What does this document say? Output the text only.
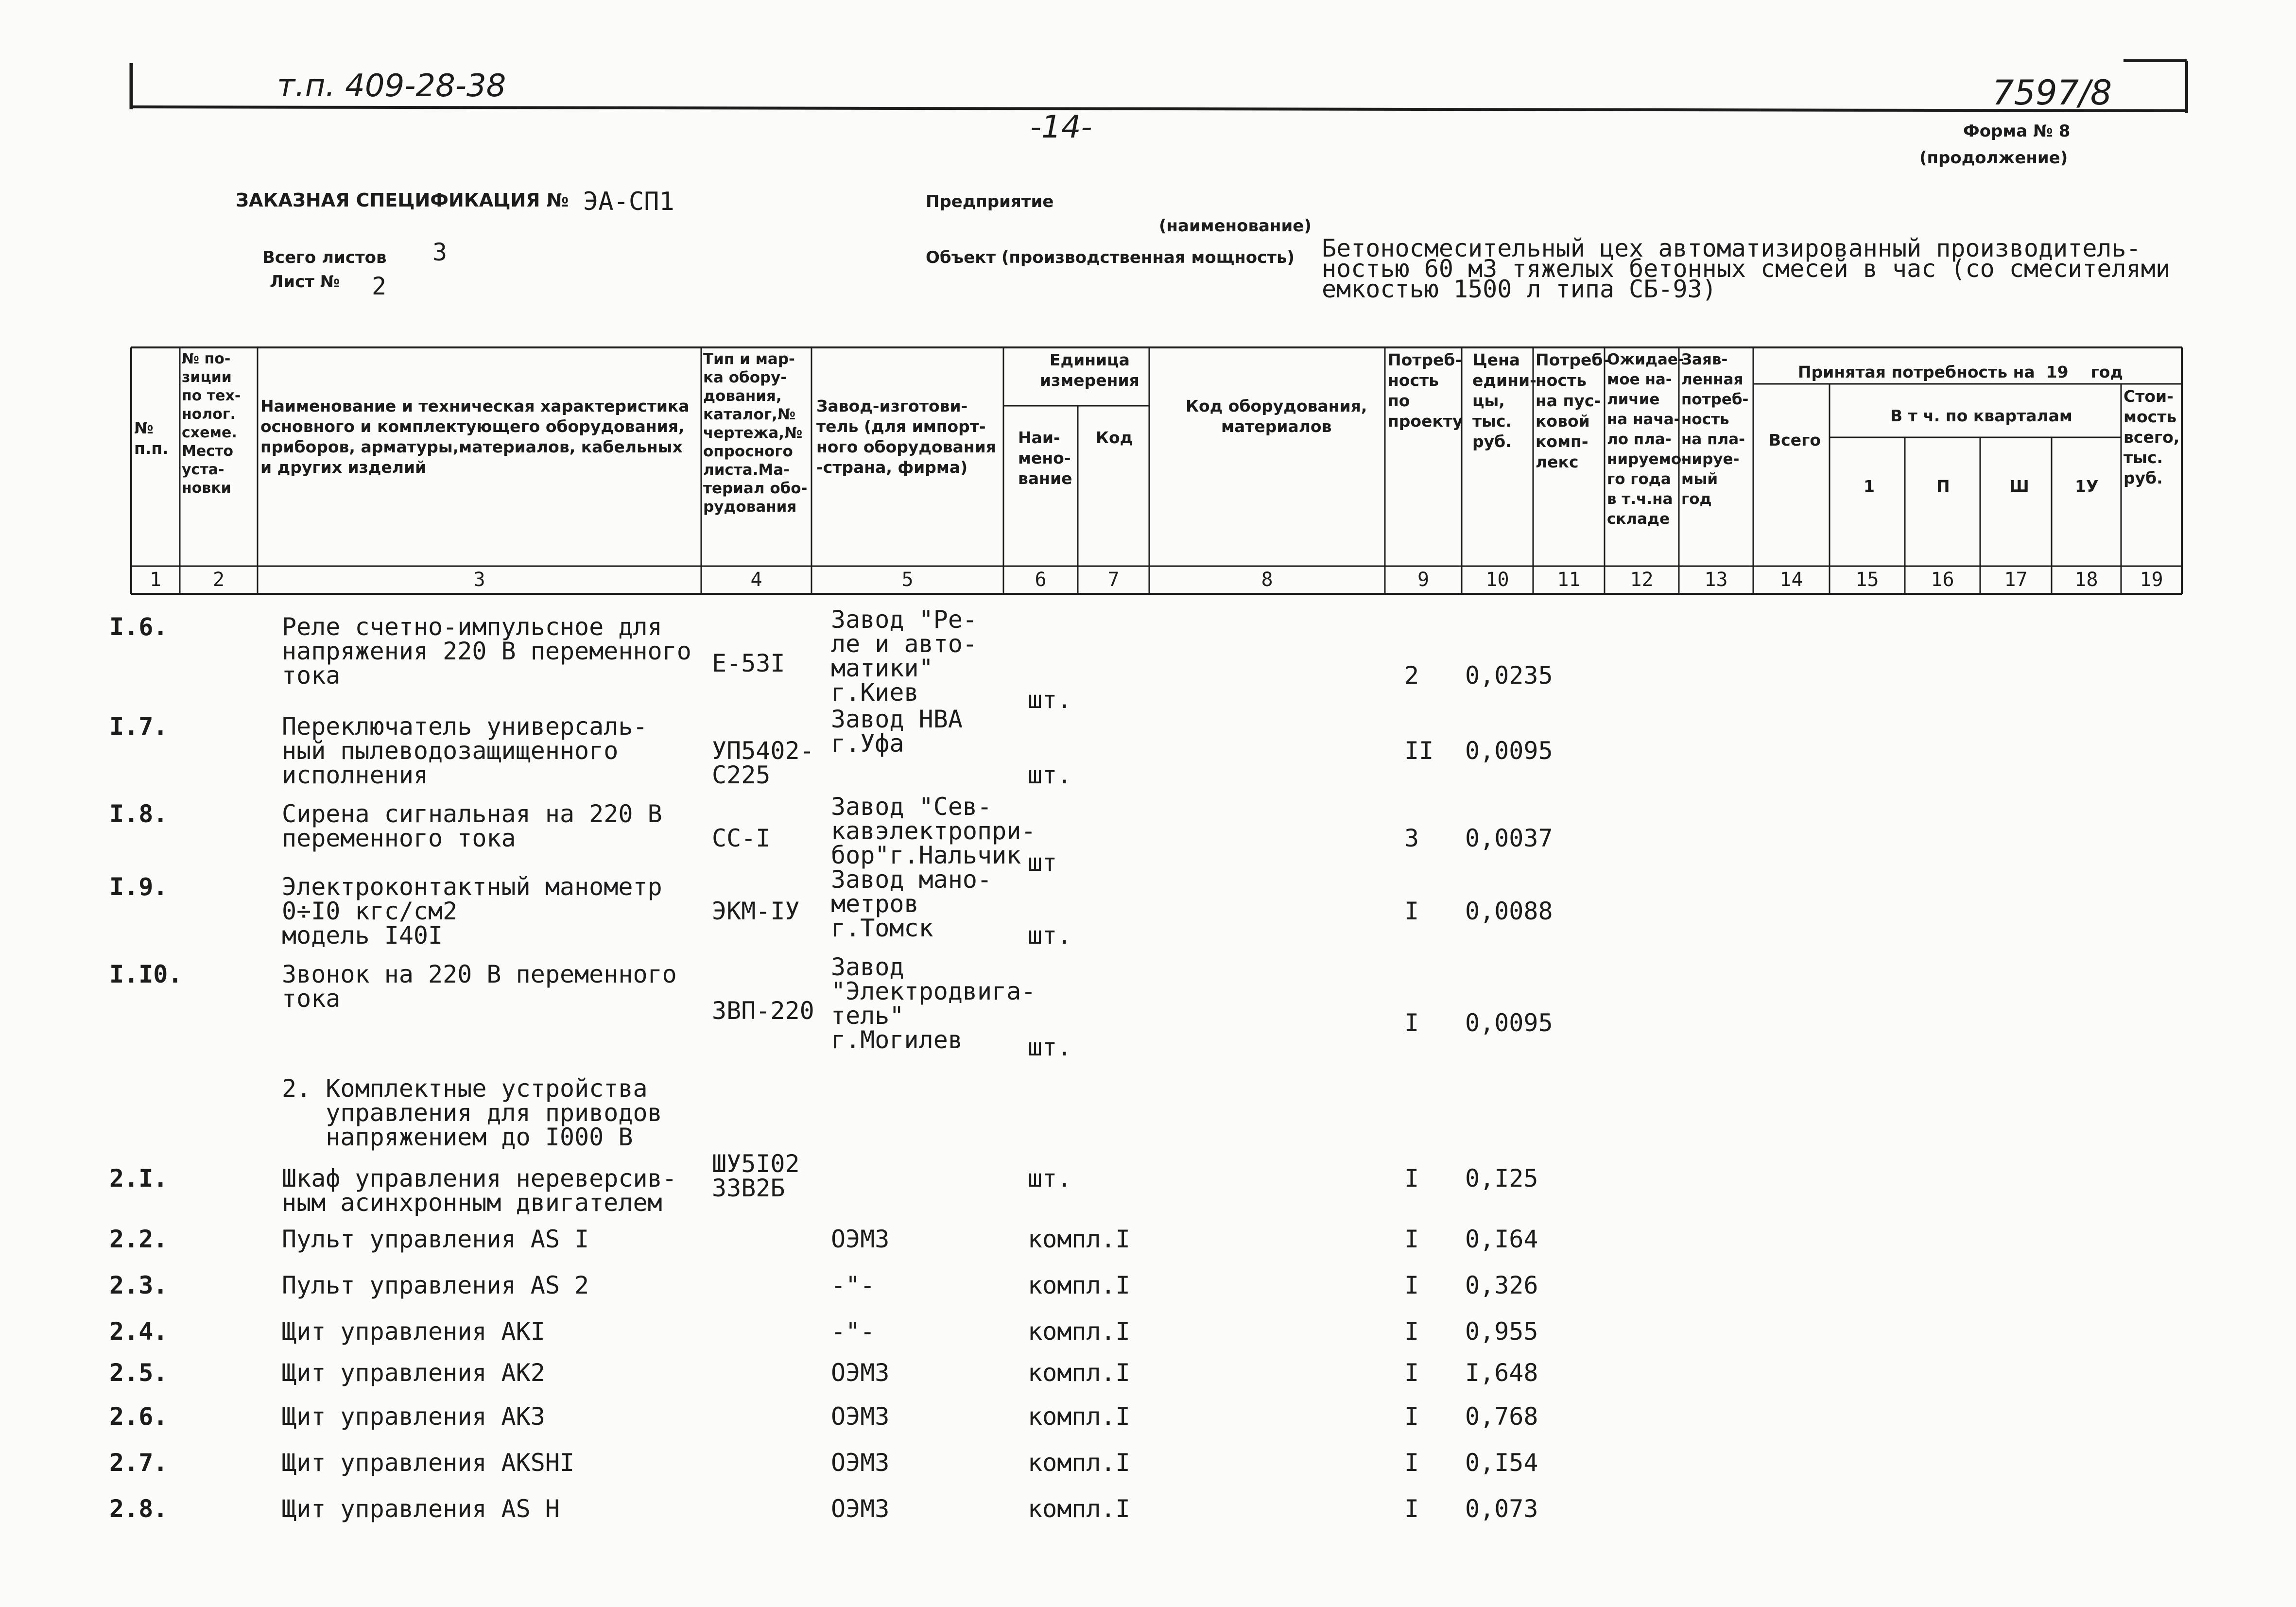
т.п. 409-28-38
-14-
7597/8
Форма № 8
(продолжение)
ЗАКАЗНАЯ СПЕЦИФИКАЦИЯ № ЭА-СП1
Всего листов 3
Лист № 2
Предприятие
(наименование)
Объект (производственная мощность) Бетоносмесительный цех автоматизированный производитель-
ностью 60 м3 тяжелых бетонных смесей в час (со смесителями
емкостью 1500 л типа СБ-93)
№
п.п.
№ по-
зиции
по тех-
нолог.
схеме.
Место
уста-
новки
Наименование и техническая характеристика
основного и комплектующего оборудования,
приборов, арматуры,материалов, кабельных
и других изделий
Тип и мар-
ка обору-
дования,
каталог,№
чертежа,№
опросного
листа.Ма-
териал обо-
рудования
Завод-изготови-
тель (для импорт-
ного оборудования
-страна, фирма)
Единица
измерения
Наи-
мено-
вание
Код
Код оборудования,
материалов
Потреб-
ность
по
проекту
Цена
едини-
цы,
тыс.
руб.
Потреб-
ность
на пус-
ковой
комп-
лекс
Ожидае-
мое на-
личие
на нача-
ло пла-
нируемо-
го года
в т.ч.на
складе
Заяв-
ленная
потреб-
ность
на пла-
нируе-
мый
год
Принятая потребность на  19    год
В т ч. по кварталам
Всего
1	П	Ш	1У
Стои-
мость
всего,
тыс.
руб.
1	2	3	4	5	6	7	8	9	10	11	12	13	14	15	16	17	18	19
I.6.	Реле счетно-импульсное для
напряжения 220 В переменного
тока	Е-53I
Завод "Ре-
ле и авто-
матики"
г.Киев	шт.
2 0,0235
I.7.	Переключатель универсаль-
ный пылеводозащищенного
исполнения
УП5402-
С225
Завод НВА
г.Уфа
шт.
II 0,0095
I.8.	Сирена сигнальная на 220 В
переменного тока	СС-I
Завод "Сев-
кавэлектропри-
бор"г.Нальчик шт
3 0,0037
I.9.	Электроконтактный манометр
0÷I0 кгс/см2
модель I40I
ЭКМ-IУ
Завод мано-
метров
г.Томск	шт.
I 0,0088
I.I0.	Звонок на 220 В переменного
тока	ЗВП-220
Завод
"Электродвига-
тель"
г.Могилев	шт.
I 0,0095
2. Комплектные устройства
управления для приводов
напряжением до I000 В
2.I.	Шкаф управления нереверсив-
ным асинхронным двигателем
ШУ5I02
33В2Б	шт.	I 0,I25
2.2.	Пульт управления AS I	ОЭМЗ	компл.I	I 0,I64
2.3.	Пульт управления AS 2	-"-	компл.I	I 0,326
2.4.	Щит управления AKI	-"-	компл.I	I 0,955
2.5.	Щит управления AK2	ОЭМЗ	компл.I	I I,648
2.6.	Щит управления AK3	ОЭМЗ	компл.I	I 0,768
2.7.	Щит управления AKSHI	ОЭМЗ	компл.I	I 0,I54
2.8.	Щит управления AS H	ОЭМЗ	компл.I	I 0,073
